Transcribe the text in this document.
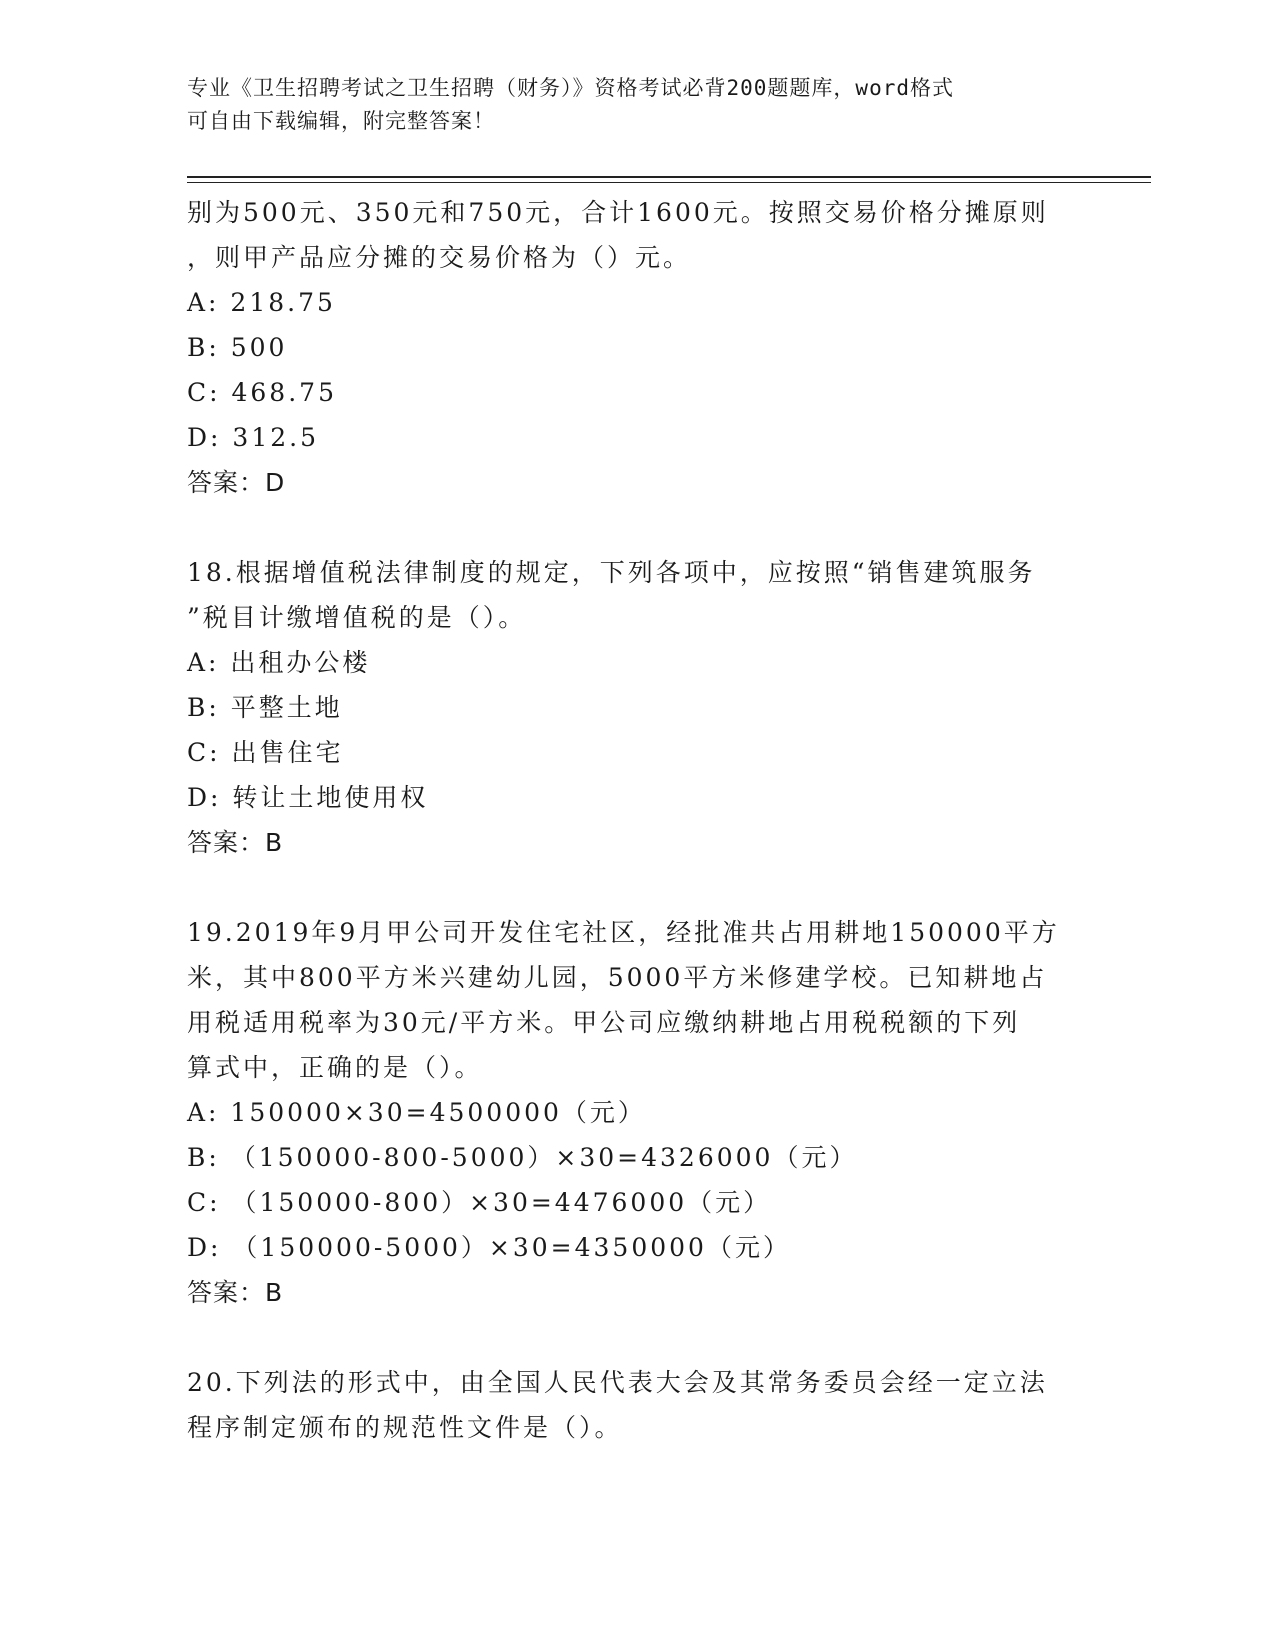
专业《卫生招聘考试之卫生招聘（财务）》资格考试必背200题题库，word格式
可自由下载编辑，附完整答案！
别为500元、350元和750元，合计1600元。按照交易价格分摊原则
，则甲产品应分摊的交易价格为（）元。
A: 218.75
B: 500
C: 468.75
D: 312.5
答案：D
18.根据增值税法律制度的规定，下列各项中，应按照“销售建筑服务
”税目计缴增值税的是（）。
A: 出租办公楼
B: 平整土地
C: 出售住宅
D: 转让土地使用权
答案：B
19.2019年9月甲公司开发住宅社区，经批准共占用耕地150000平方
米，其中800平方米兴建幼儿园，5000平方米修建学校。已知耕地占
用税适用税率为30元/平方米。甲公司应缴纳耕地占用税税额的下列
算式中，正确的是（）。
A: 150000×30=4500000（元）
B: （150000-800-5000）×30=4326000（元）
C: （150000-800）×30=4476000（元）
D: （150000-5000）×30=4350000（元）
答案：B
20.下列法的形式中，由全国人民代表大会及其常务委员会经一定立法
程序制定颁布的规范性文件是（）。
